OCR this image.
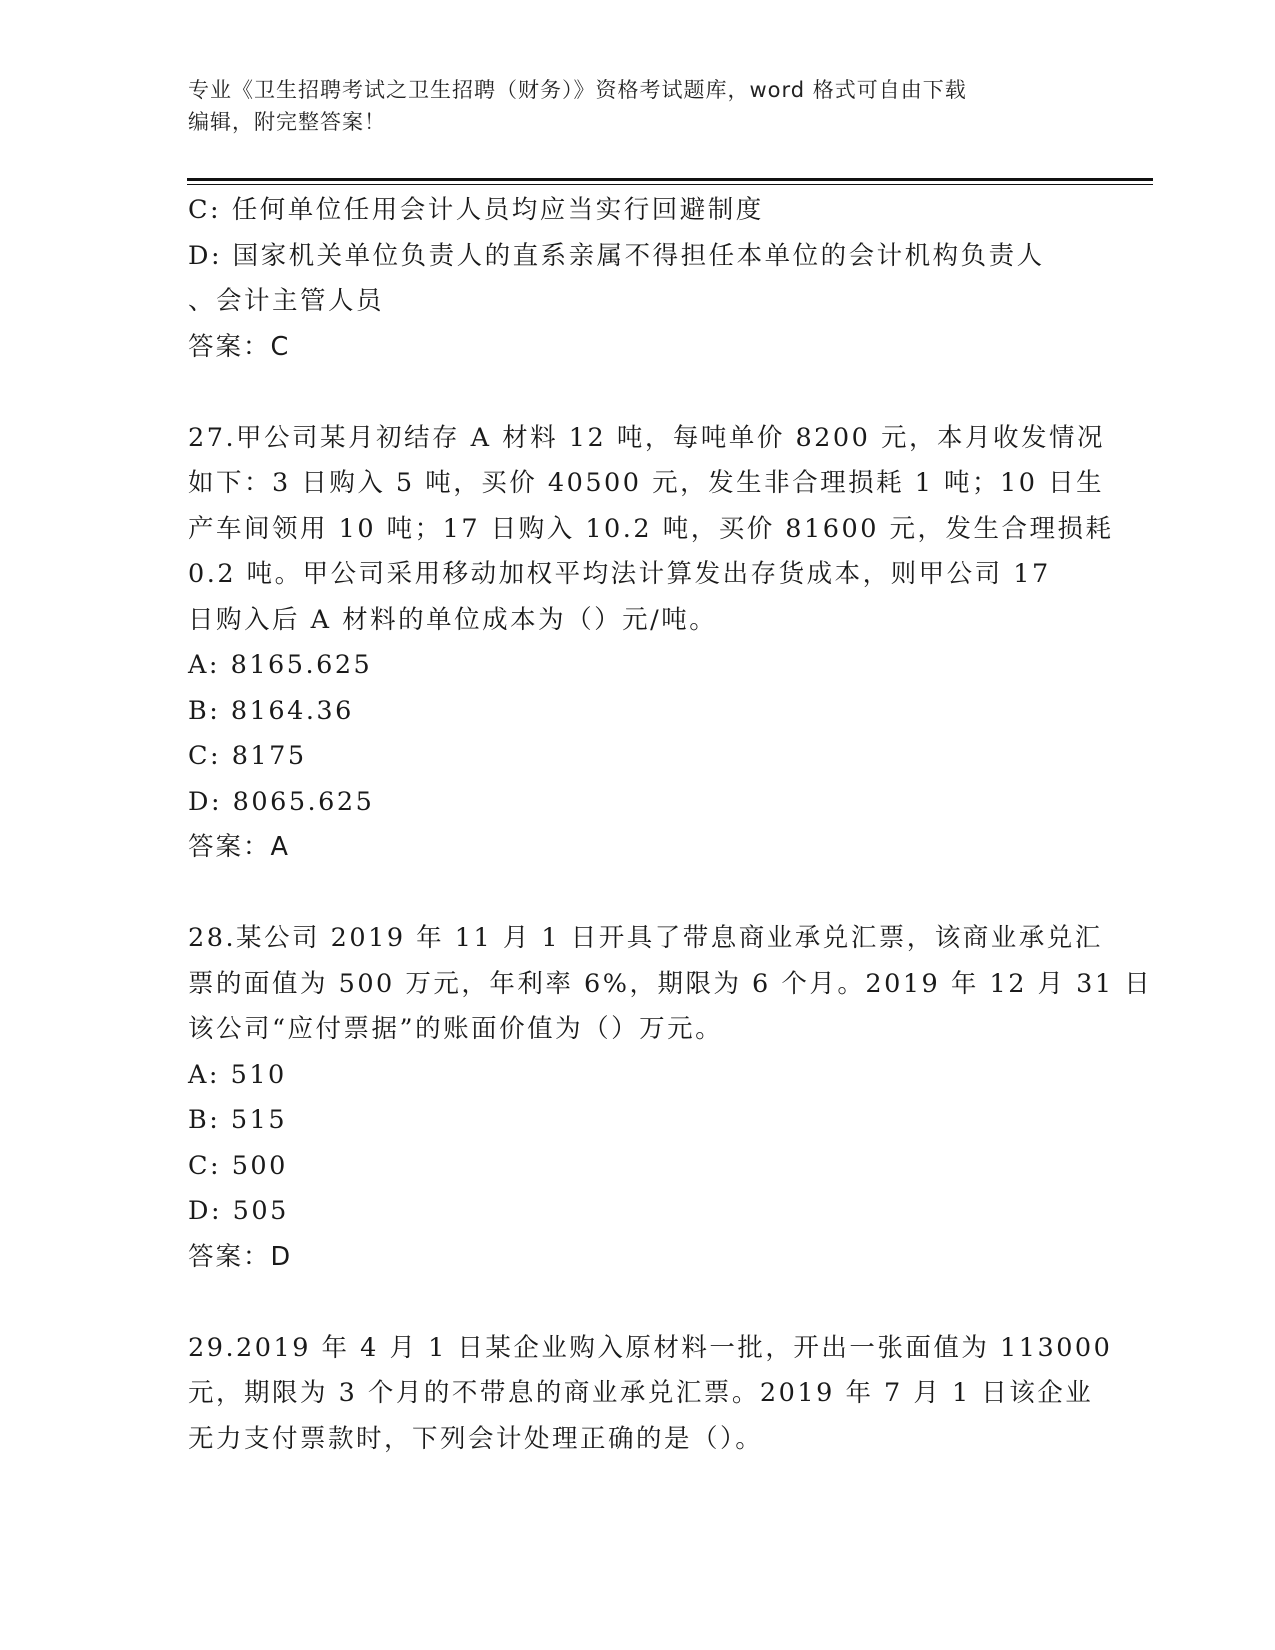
专业《卫生招聘考试之卫生招聘（财务）》资格考试题库，word 格式可自由下载
编辑，附完整答案！

C: 任何单位任用会计人员均应当实行回避制度

D: 国家机关单位负责人的直系亲属不得担任本单位的会计机构负责人

、会计主管人员

答案：C

27.甲公司某月初结存 A 材料 12 吨，每吨单价 8200 元，本月收发情况

如下：3 日购入 5 吨，买价 40500 元，发生非合理损耗 1 吨；10 日生

产车间领用 10 吨；17 日购入 10.2 吨，买价 81600 元，发生合理损耗

0.2 吨。甲公司采用移动加权平均法计算发出存货成本，则甲公司 17

日购入后 A 材料的单位成本为（）元/吨。

A: 8165.625

B: 8164.36

C: 8175

D: 8065.625

答案：A

28.某公司 2019 年 11 月 1 日开具了带息商业承兑汇票，该商业承兑汇

票的面值为 500 万元，年利率 6%，期限为 6 个月。2019 年 12 月 31 日

该公司“应付票据”的账面价值为（）万元。

A: 510

B: 515

C: 500

D: 505

答案：D

29.2019 年 4 月 1 日某企业购入原材料一批，开出一张面值为 113000

元，期限为 3 个月的不带息的商业承兑汇票。2019 年 7 月 1 日该企业

无力支付票款时，下列会计处理正确的是（）。
